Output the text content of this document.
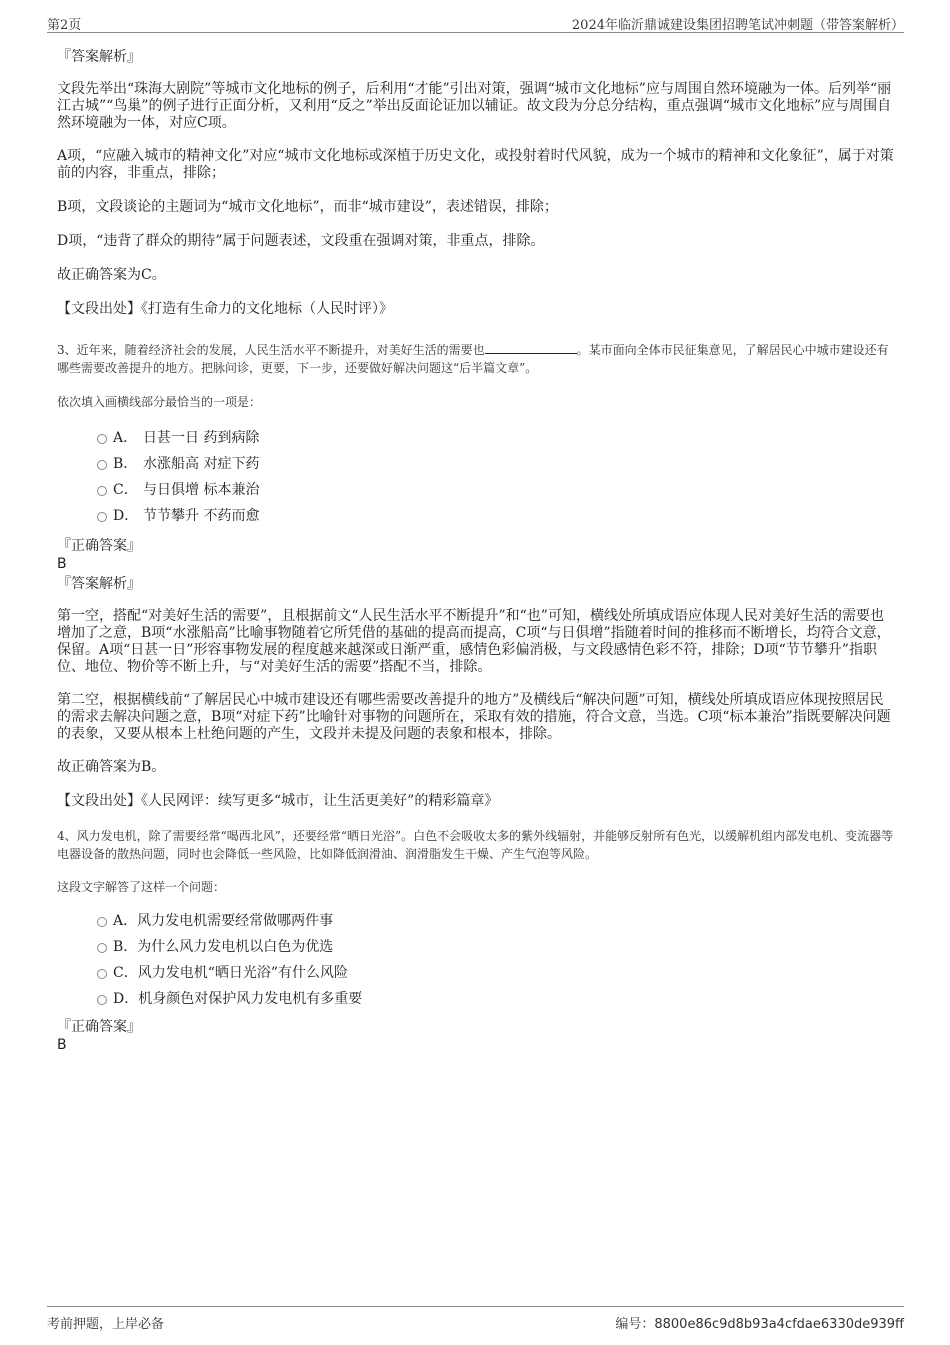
第2页	2024年临沂鼎诚建设集团招聘笔试冲刺题（带答案解析）

『答案解析』

文段先举出“珠海大剧院”等城市文化地标的例子，后利用“才能”引出对策，强调“城市文化地标”应与周围自然环境融为一体。后列举“丽江古城”“鸟巢”的例子进行正面分析，又利用“反之”举出反面论证加以辅证。故文段为分总分结构，重点强调“城市文化地标”应与周围自然环境融为一体，对应C项。

A项，“应融入城市的精神文化”对应“城市文化地标或深植于历史文化，或投射着时代风貌，成为一个城市的精神和文化象征”，属于对策前的内容，非重点，排除；

B项，文段谈论的主题词为“城市文化地标”，而非“城市建设”，表述错误，排除；

D项，“违背了群众的期待”属于问题表述，文段重在强调对策，非重点，排除。

故正确答案为C。

【文段出处】《打造有生命力的文化地标（人民时评）》

3、近年来，随着经济社会的发展，人民生活水平不断提升，对美好生活的需要也	。某市面向全体市民征集意见，了解居民心中城市建设还有哪些需要改善提升的地方。把脉问诊，更要，下一步，还要做好解决问题这“后半篇文章”。

依次填入画横线部分最恰当的一项是：

A． 日甚一日 药到病除
B． 水涨船高 对症下药
C． 与日俱增 标本兼治
D． 节节攀升 不药而愈

『正确答案』

B

『答案解析』

第一空，搭配“对美好生活的需要”，且根据前文“人民生活水平不断提升”和“也”可知，横线处所填成语应体现人民对美好生活的需要也增加了之意，B项“水涨船高”比喻事物随着它所凭借的基础的提高而提高，C项“与日俱增”指随着时间的推移而不断增长，均符合文意，保留。A项“日甚一日”形容事物发展的程度越来越深或日渐严重，感情色彩偏消极，与文段感情色彩不符，排除；D项“节节攀升”指职位、地位、物价等不断上升，与“对美好生活的需要”搭配不当，排除。

第二空，根据横线前“了解居民心中城市建设还有哪些需要改善提升的地方”及横线后“解决问题”可知，横线处所填成语应体现按照居民的需求去解决问题之意，B项“对症下药”比喻针对事物的问题所在，采取有效的措施，符合文意，当选。C项“标本兼治”指既要解决问题的表象，又要从根本上杜绝问题的产生，文段并未提及问题的表象和根本，排除。

故正确答案为B。

【文段出处】《人民网评：续写更多“城市，让生活更美好”的精彩篇章》

4、风力发电机，除了需要经常“喝西北风”，还要经常“晒日光浴”。白色不会吸收太多的紫外线辐射，并能够反射所有色光，以缓解机组内部发电机、变流器等电器设备的散热问题，同时也会降低一些风险，比如降低润滑油、润滑脂发生干燥、产生气泡等风险。

这段文字解答了这样一个问题：

A．风力发电机需要经常做哪两件事
B．为什么风力发电机以白色为优选
C．风力发电机“晒日光浴”有什么风险
D．机身颜色对保护风力发电机有多重要

『正确答案』

B

考前押题，上岸必备	编号：8800e86c9d8b93a4cfdae6330de939ff
